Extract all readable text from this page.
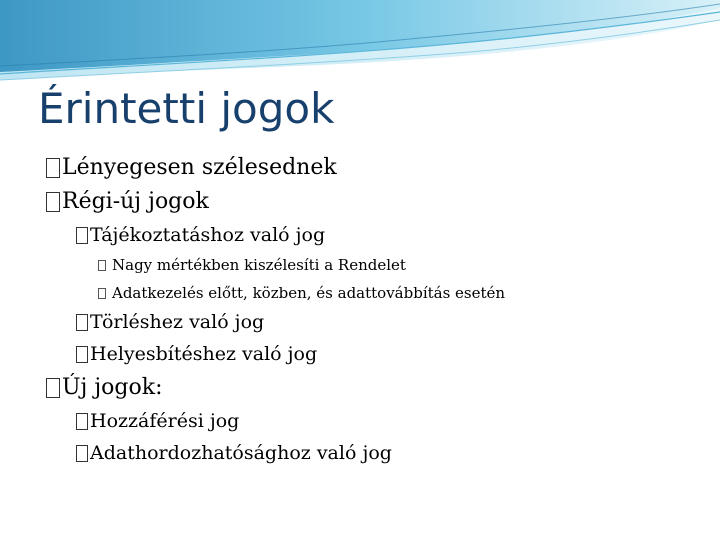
Érintetti jogok
Lényegesen szélesednek
Régi-új jogok
Tájékoztatáshoz való jog
Nagy mértékben kiszélesíti a Rendelet
Adatkezelés előtt, közben, és adattovábbítás esetén
Törléshez való jog
Helyesbítéshez való jog
Új jogok:
Hozzáférési jog
Adathordozhatósághoz való jog
